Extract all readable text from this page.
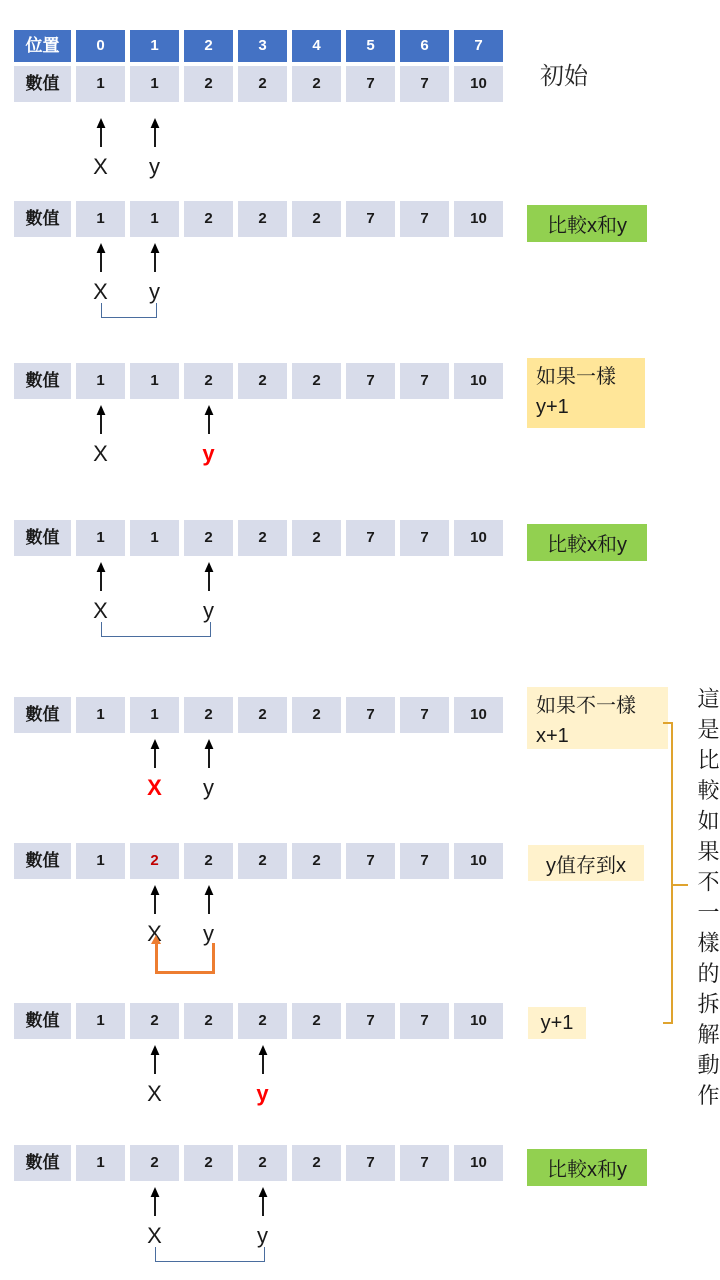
位置	0	1	2	3	4	5	6	7
數值	1	1	2	2	2	7	7	10
X	y
初始
數值	1	1	2	2	2	7	7	10
X	y
比較x和y
數值	1	1	2	2	2	7	7	10
X	y
如果一樣
y+1
數值	1	1	2	2	2	7	7	10
X	y
比較x和y
數值	1	1	2	2	2	7	7	10
X	y
如果不一樣
x+1
數值	1	2	2	2	2	7	7	10
X	y
y值存到x
數值	1	2	2	2	2	7	7	10
X	y
y+1
數值	1	2	2	2	2	7	7	10
X	y
比較x和y
這是比較如果不一樣的拆解動作
